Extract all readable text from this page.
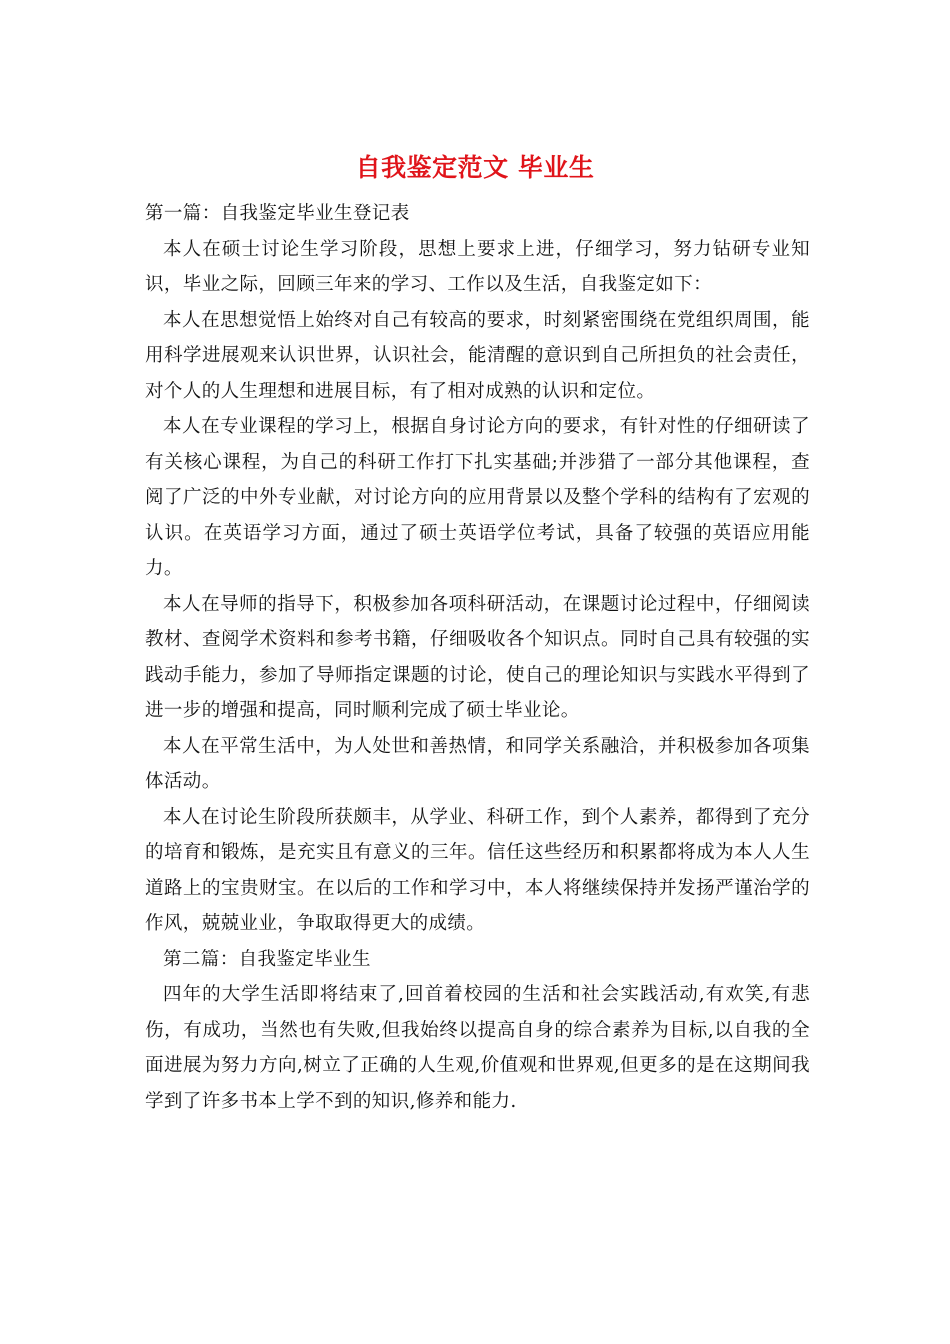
自我鉴定范文 毕业生

第一篇：自我鉴定毕业生登记表

本人在硕士讨论生学习阶段，思想上要求上进，仔细学习，努力钻研专业知识，毕业之际，回顾三年来的学习、工作以及生活，自我鉴定如下：

本人在思想觉悟上始终对自己有较高的要求，时刻紧密围绕在党组织周围，能用科学进展观来认识世界，认识社会，能清醒的意识到自己所担负的社会责任，对个人的人生理想和进展目标，有了相对成熟的认识和定位。

本人在专业课程的学习上，根据自身讨论方向的要求，有针对性的仔细研读了有关核心课程，为自己的科研工作打下扎实基础;并涉猎了一部分其他课程，查阅了广泛的中外专业献，对讨论方向的应用背景以及整个学科的结构有了宏观的认识。在英语学习方面，通过了硕士英语学位考试，具备了较强的英语应用能力。

本人在导师的指导下，积极参加各项科研活动，在课题讨论过程中，仔细阅读教材、查阅学术资料和参考书籍，仔细吸收各个知识点。同时自己具有较强的实践动手能力，参加了导师指定课题的讨论，使自己的理论知识与实践水平得到了进一步的增强和提高，同时顺利完成了硕士毕业论。

本人在平常生活中，为人处世和善热情，和同学关系融洽，并积极参加各项集体活动。

本人在讨论生阶段所获颇丰，从学业、科研工作，到个人素养，都得到了充分的培育和锻炼，是充实且有意义的三年。信任这些经历和积累都将成为本人人生道路上的宝贵财宝。在以后的工作和学习中，本人将继续保持并发扬严谨治学的作风，兢兢业业，争取取得更大的成绩。

第二篇：自我鉴定毕业生

四年的大学生活即将结束了,回首着校园的生活和社会实践活动,有欢笑,有悲伤，有成功，当然也有失败,但我始终以提高自身的综合素养为目标,以自我的全面进展为努力方向,树立了正确的人生观,价值观和世界观,但更多的是在这期间我学到了许多书本上学不到的知识,修养和能力.
